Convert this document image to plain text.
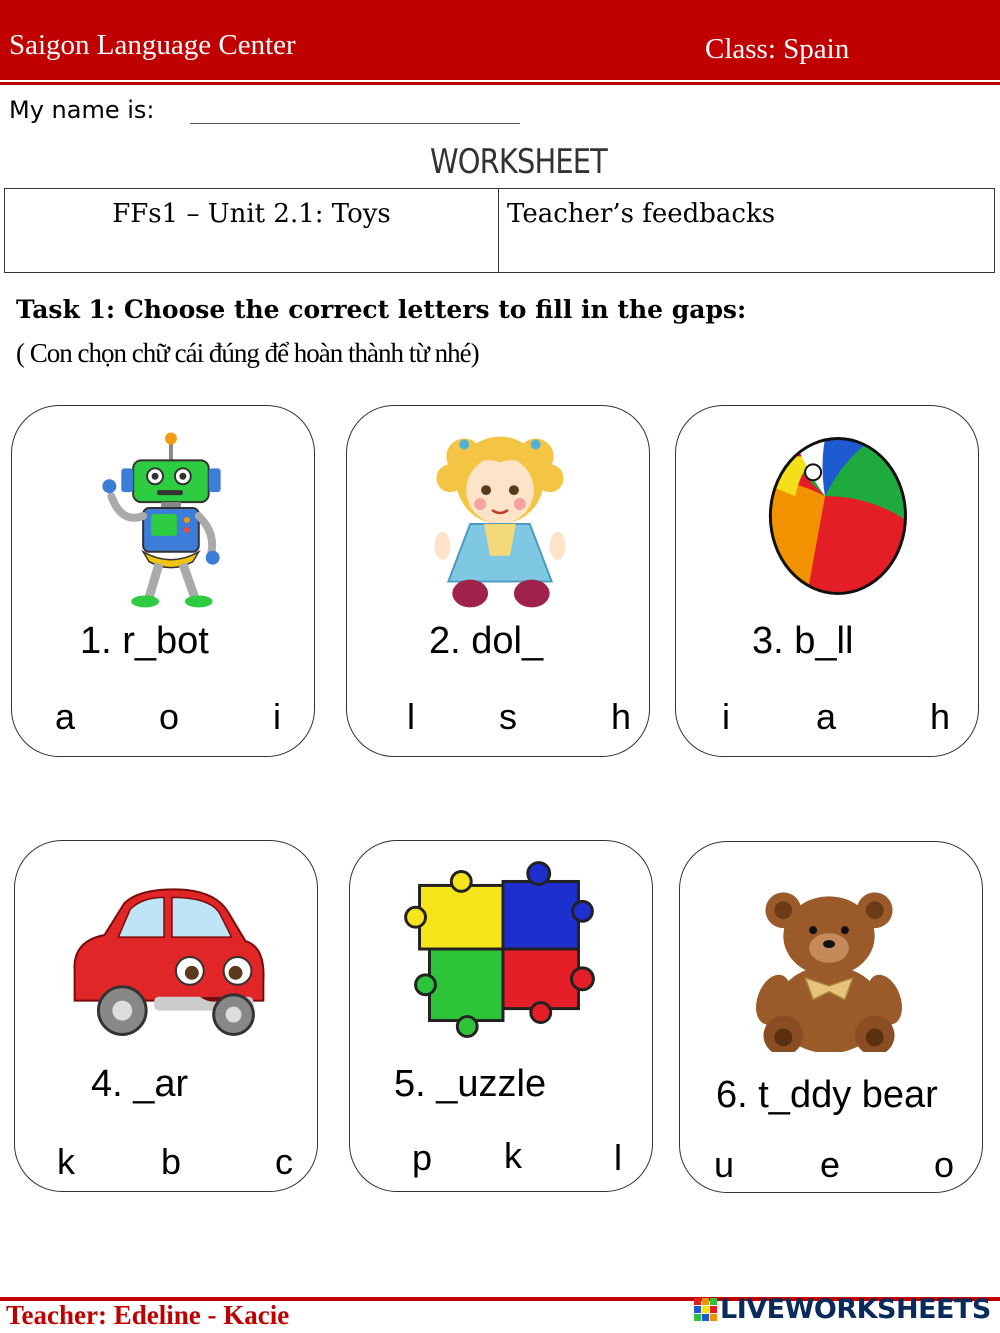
Saigon Language Center	Class: Spain
My name is:
WORKSHEET
FFs1 – Unit 2.1: Toys	Teacher’s feedbacks
Task 1: Choose the correct letters to fill in the gaps:
( Con chọn chữ cái đúng để hoàn thành từ nhé)
1. r_bot
a o	i
2. dol_
l s	h
3. b_ll
i a	h
4. _ar
k b	c
5. _uzzle
p k	l
6. t_ddy bear
u e	o
Teacher: Edeline - Kacie	LIVEWORKSHEETS
